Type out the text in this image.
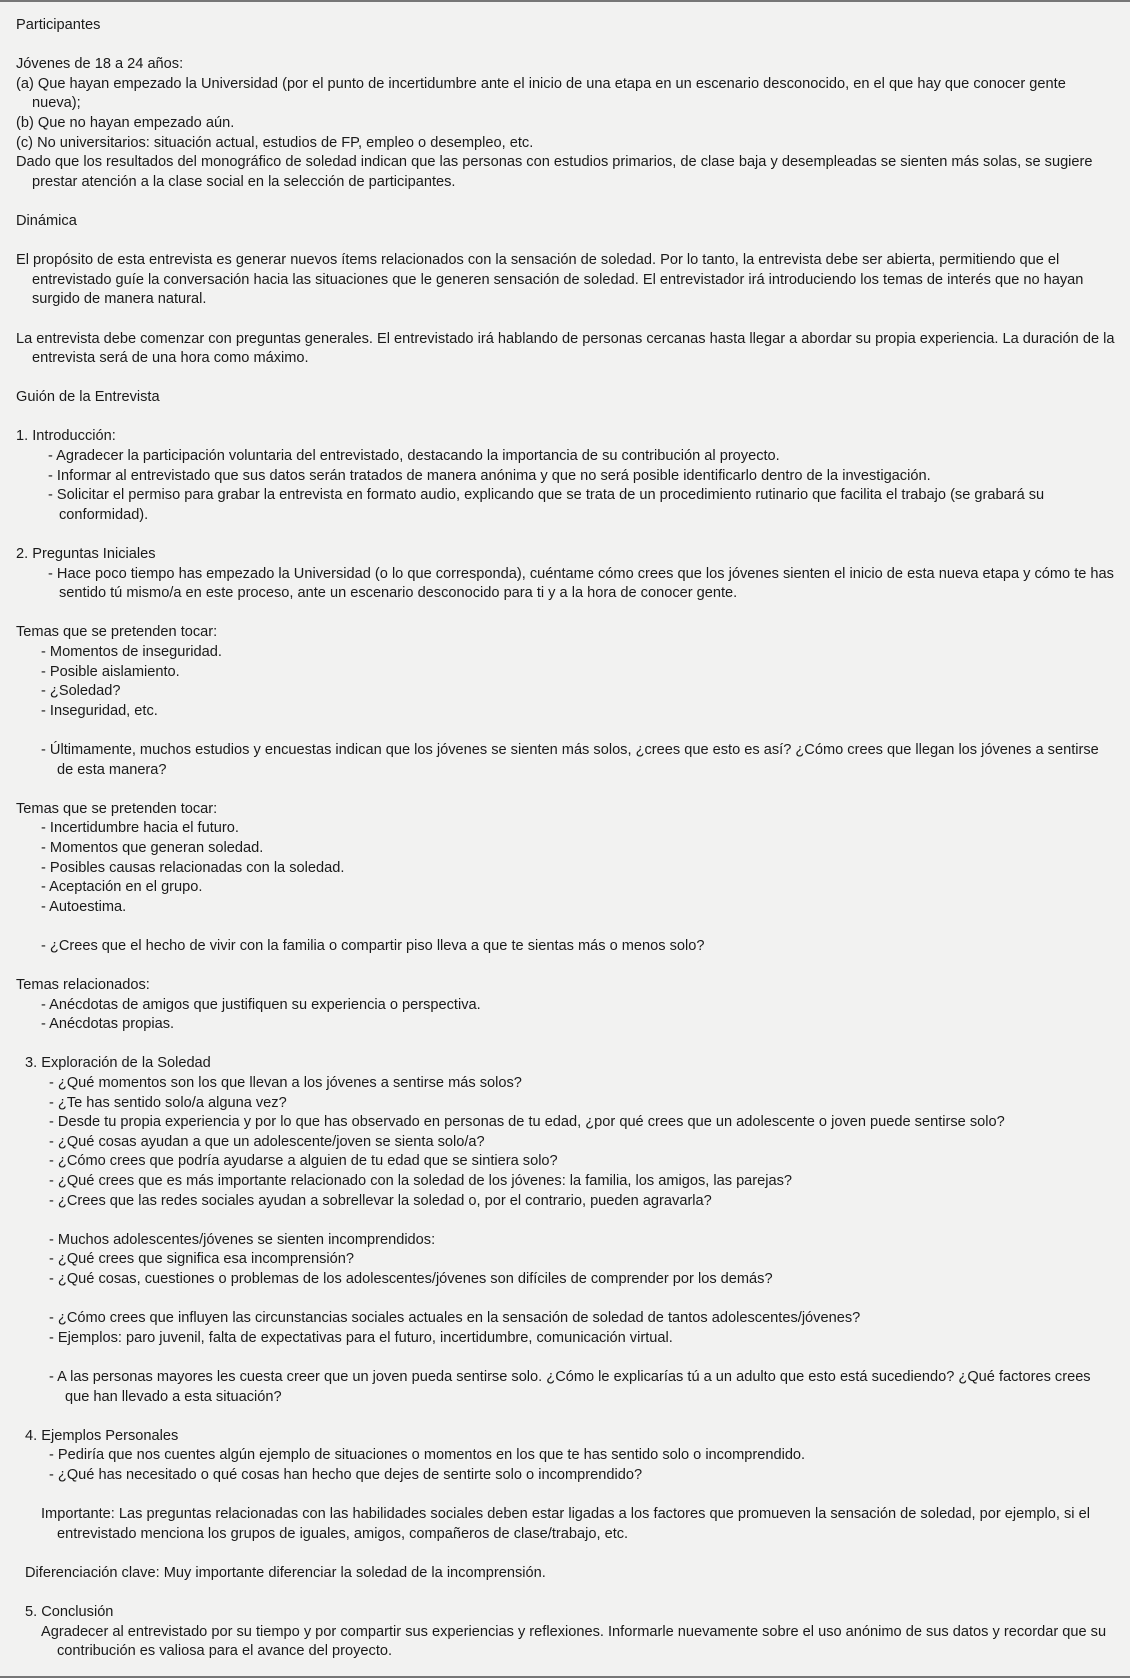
Participantes

Jóvenes de 18 a 24 años:

(a) Que hayan empezado la Universidad (por el punto de incertidumbre ante el inicio de una etapa en un escenario desconocido, en el que hay que conocer gente nueva);

(b) Que no hayan empezado aún.

(c) No universitarios: situación actual, estudios de FP, empleo o desempleo, etc.

Dado que los resultados del monográfico de soledad indican que las personas con estudios primarios, de clase baja y desempleadas se sienten más solas, se sugiere prestar atención a la clase social en la selección de participantes.

Dinámica

El propósito de esta entrevista es generar nuevos ítems relacionados con la sensación de soledad. Por lo tanto, la entrevista debe ser abierta, permitiendo que el entrevistado guíe la conversación hacia las situaciones que le generen sensación de soledad. El entrevistador irá introduciendo los temas de interés que no hayan surgido de manera natural.

La entrevista debe comenzar con preguntas generales. El entrevistado irá hablando de personas cercanas hasta llegar a abordar su propia experiencia. La duración de la entrevista será de una hora como máximo.

Guión de la Entrevista

1. Introducción:

- Agradecer la participación voluntaria del entrevistado, destacando la importancia de su contribución al proyecto.

- Informar al entrevistado que sus datos serán tratados de manera anónima y que no será posible identificarlo dentro de la investigación.

- Solicitar el permiso para grabar la entrevista en formato audio, explicando que se trata de un procedimiento rutinario que facilita el trabajo (se grabará su conformidad).

2. Preguntas Iniciales

- Hace poco tiempo has empezado la Universidad (o lo que corresponda), cuéntame cómo crees que los jóvenes sienten el inicio de esta nueva etapa y cómo te has sentido tú mismo/a en este proceso, ante un escenario desconocido para ti y a la hora de conocer gente.

Temas que se pretenden tocar:

- Momentos de inseguridad.

- Posible aislamiento.

- ¿Soledad?

- Inseguridad, etc.

- Últimamente, muchos estudios y encuestas indican que los jóvenes se sienten más solos, ¿crees que esto es así? ¿Cómo crees que llegan los jóvenes a sentirse de esta manera?

Temas que se pretenden tocar:

- Incertidumbre hacia el futuro.

- Momentos que generan soledad.

- Posibles causas relacionadas con la soledad.

- Aceptación en el grupo.

- Autoestima.

- ¿Crees que el hecho de vivir con la familia o compartir piso lleva a que te sientas más o menos solo?

Temas relacionados:

- Anécdotas de amigos que justifiquen su experiencia o perspectiva.

- Anécdotas propias.

3. Exploración de la Soledad

- ¿Qué momentos son los que llevan a los jóvenes a sentirse más solos?

- ¿Te has sentido solo/a alguna vez?

- Desde tu propia experiencia y por lo que has observado en personas de tu edad, ¿por qué crees que un adolescente o joven puede sentirse solo?

- ¿Qué cosas ayudan a que un adolescente/joven se sienta solo/a?

- ¿Cómo crees que podría ayudarse a alguien de tu edad que se sintiera solo?

- ¿Qué crees que es más importante relacionado con la soledad de los jóvenes: la familia, los amigos, las parejas?

- ¿Crees que las redes sociales ayudan a sobrellevar la soledad o, por el contrario, pueden agravarla?

- Muchos adolescentes/jóvenes se sienten incomprendidos:

- ¿Qué crees que significa esa incomprensión?

- ¿Qué cosas, cuestiones o problemas de los adolescentes/jóvenes son difíciles de comprender por los demás?

- ¿Cómo crees que influyen las circunstancias sociales actuales en la sensación de soledad de tantos adolescentes/jóvenes?

- Ejemplos: paro juvenil, falta de expectativas para el futuro, incertidumbre, comunicación virtual.

- A las personas mayores les cuesta creer que un joven pueda sentirse solo. ¿Cómo le explicarías tú a un adulto que esto está sucediendo? ¿Qué factores crees que han llevado a esta situación?

4. Ejemplos Personales

- Pediría que nos cuentes algún ejemplo de situaciones o momentos en los que te has sentido solo o incomprendido.

- ¿Qué has necesitado o qué cosas han hecho que dejes de sentirte solo o incomprendido?

Importante: Las preguntas relacionadas con las habilidades sociales deben estar ligadas a los factores que promueven la sensación de soledad, por ejemplo, si el entrevistado menciona los grupos de iguales, amigos, compañeros de clase/trabajo, etc.

Diferenciación clave: Muy importante diferenciar la soledad de la incomprensión.

5. Conclusión

Agradecer al entrevistado por su tiempo y por compartir sus experiencias y reflexiones. Informarle nuevamente sobre el uso anónimo de sus datos y recordar que su contribución es valiosa para el avance del proyecto.
